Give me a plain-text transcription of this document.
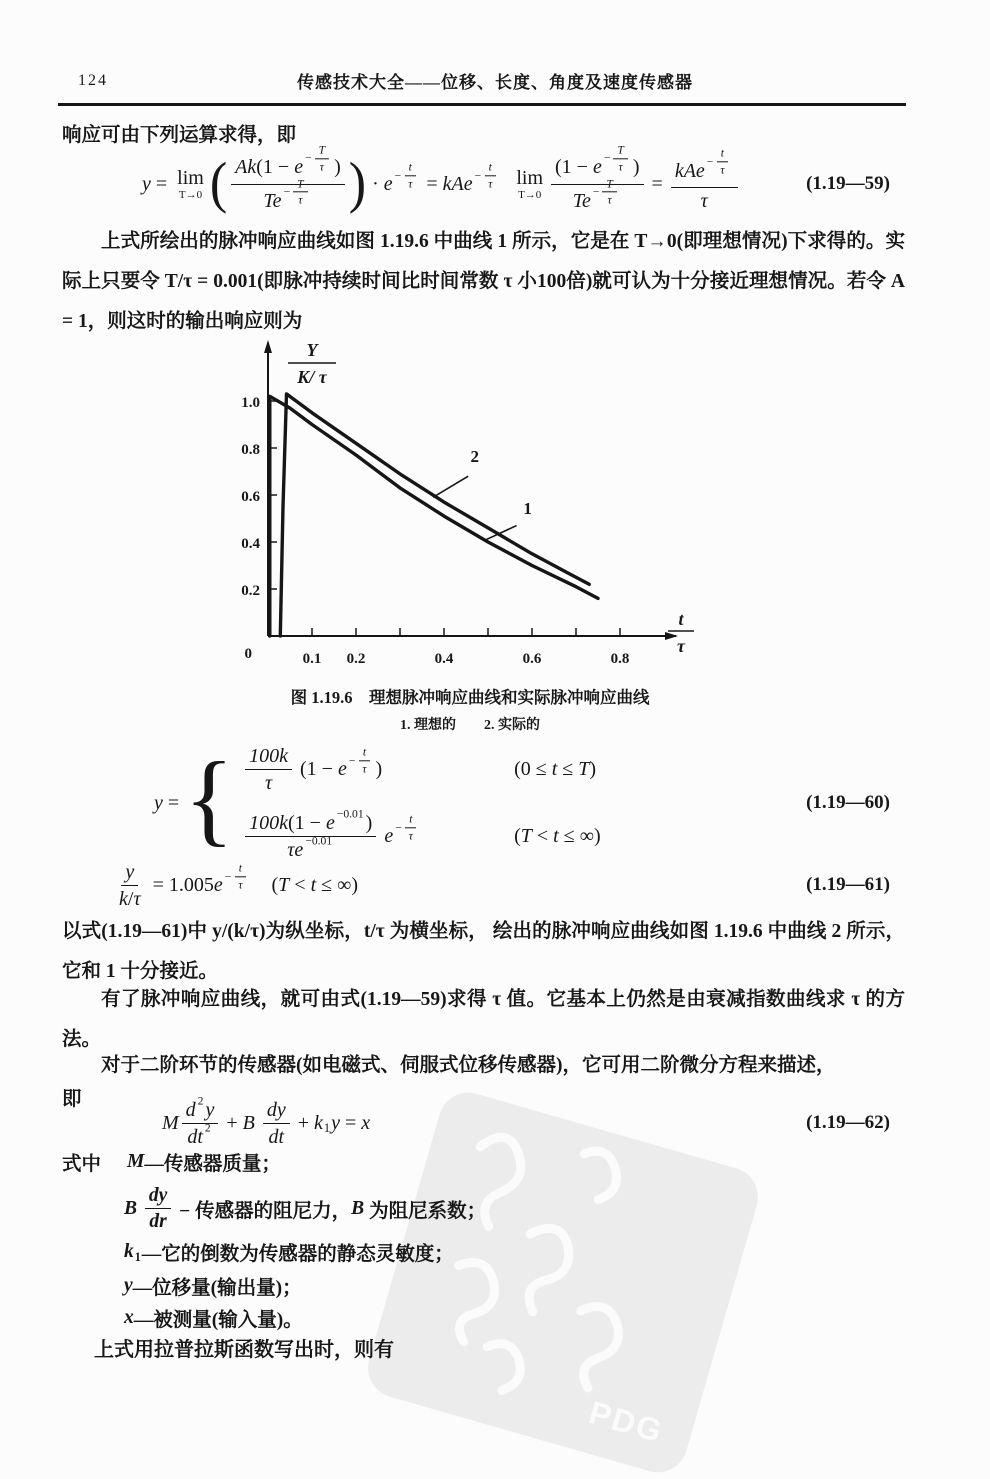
PDG
124	传感技术大全——位移、长度、角度及速度传感器
响应可由下列运算求得，即
y = lim
T→0 ( $\frac{Ak (1 - e - \frac{T}{\tau} )}{Te - \frac{T}{\tau}}$ ) · $e - \frac{t}{\tau}$ = kAe − $\frac{t}{\tau}$
lim
$T\to 0 \frac{(1 - e - \frac{T}{\tau} )}{Te - \frac{T}{\tau}} = \frac{kAe - \frac{t}{\tau}}{\tau}$	(1.19—59)
上式所绘出的脉冲响应曲线如图 1.19.6 中曲线 1 所示，它是在 T→0(即理想情况)下求得的。实际上只要令 T/τ = 0.001(即脉冲持续时间比时间常数 τ 小100倍)就可认为十分接近理想情况。若令 A = 1，则这时的输出响应则为
1.0
0.8
0.6
0.4
0.2
0.1 0.2	0.4	0.6	0.8
0
Y
K/ τ
t
τ
1
2
图 1.19.6　理想脉冲响应曲线和实际脉冲响应曲线
1. 理想的　　2. 实际的
y = { $\frac{100k}{\tau} (1 - e - \frac{t}{\tau}$ )	(0 ≤ t ≤ T )
$\frac{100k (1 - e -0.01 )}{\tau e -0.01}$
$e - \frac{t}{\tau}$	( T < t ≤ ∞)
(1.19—60)
$\frac{y}{k / \tau} = 1.005$ $e - \frac{t}{\tau}$ ( T < t ≤ ∞)	(1.19—61)
以式(1.19—61)中 y/(k/τ)为纵坐标，t/τ 为横坐标， 绘出的脉冲响应曲线如图 1.19.6 中曲线 2 所示，它和 1 十分接近。
有了脉冲响应曲线，就可由式(1.19—59)求得 τ 值。它基本上仍然是由衰减指数曲线求 τ 的方法。
对于二阶环节的传感器(如电磁式、伺服式位移传感器)，它可用二阶微分方程来描述，
即
M $\frac{d 2 y}{dt 2} + B$
$\frac{dy}{dt} + k$ 1 y = x	(1.19—62)
式中 M —传感器质量；
B
$\frac{dy}{dr}$ − 传感器的阻尼力， B 为阻尼系数；
k 1 —它的倒数为传感器的静态灵敏度；
y —位移量(输出量)；
x —被测量(输入量)。
上式用拉普拉斯函数写出时，则有
